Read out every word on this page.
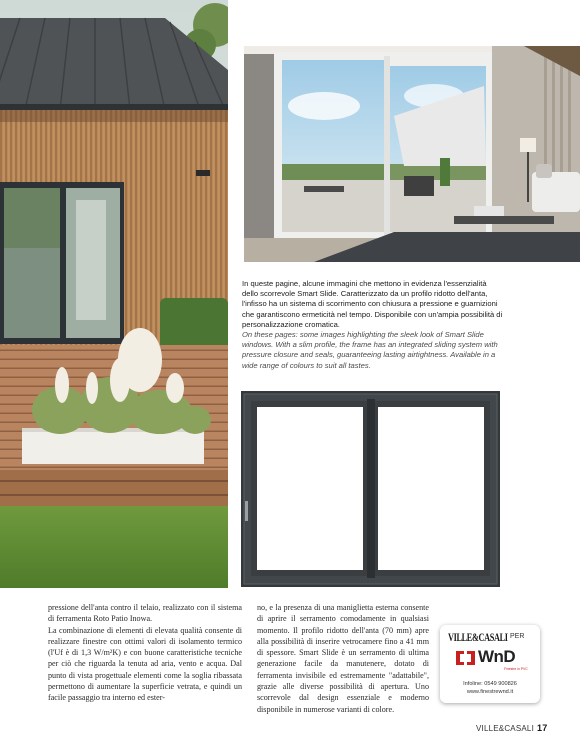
In queste pagine, alcune immagini che mettono in evidenza l'essenzialità dello scorrevole Smart Slide. Caratterizzato da un profilo ridotto dell'anta, l'infisso ha un sistema di scorrimento con chiusura a pressione e guarnizioni che garantiscono ermeticità nel tempo. Disponibile con un'ampia possibilità di personalizzazione cromatica.
On these pages: some images highlighting the sleek look of Smart Slide windows. With a slim profile, the frame has an integrated sliding system with pressure closure and seals, guaranteeing lasting airtightness. Available in a wide range of colours to suit all tastes.

pressione dell'anta contro il telaio, realizzato con il sistema di ferramenta Roto Patio Inowa.

La combinazione di elementi di elevata qualità consente di realizzare finestre con ottimi valori di isolamento termico (l'Uf è di 1,3 W/m²K) e con buone caratteristiche tecniche per ciò che riguarda la tenuta ad aria, vento e acqua. Dal punto di vista progettuale elementi come la soglia ribassata permettono di aumentare la superficie vetrata, e quindi un facile passaggio tra interno ed ester-

no, e la presenza di una maniglietta esterna consente di aprire il serramento comodamente in qualsiasi momento. Il profilo ridotto dell'anta (70 mm) apre alla possibilità di inserire vetrocamere fino a 41 mm di spessore. Smart Slide è un serramento di ultima generazione facile da manutenere, dotato di ferramenta invisibile ed estremamente "adattabile", grazie alle diverse possibilità di apertura. Uno scorrevole dal design essenziale e moderno disponibile in numerose varianti di colore.

VILLE&CASALI PER
WnD
Finestre in PVC
Infoline: 0549 900826
www.finestrewnd.it
VILLE&CASALI 17
